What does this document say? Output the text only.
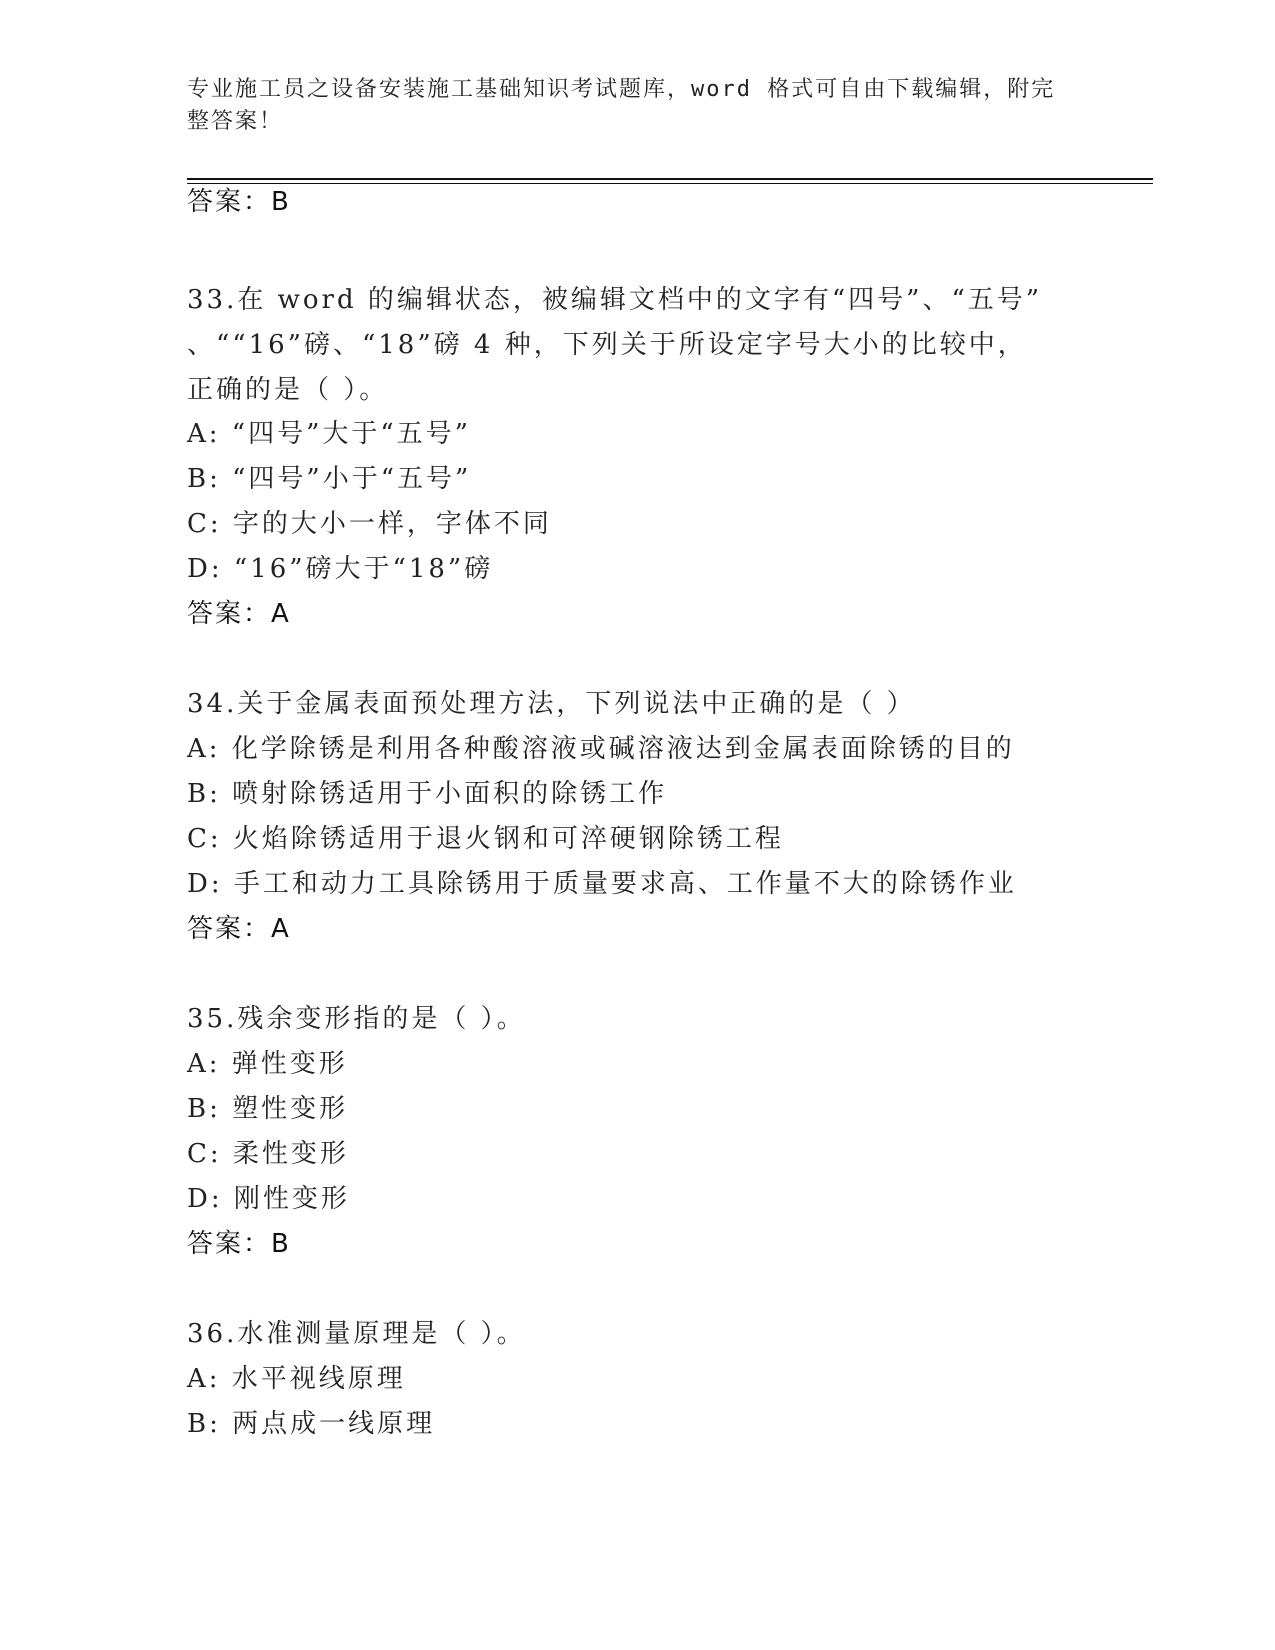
专业施工员之设备安装施工基础知识考试题库，word 格式可自由下载编辑，附完整答案！
答案：B
33.在 word 的编辑状态，被编辑文档中的文字有“四号”、“五号”
、““16”磅、“18”磅 4 种，下列关于所设定字号大小的比较中，
正确的是（ ）。
A: “四号”大于“五号”
B: “四号”小于“五号”
C: 字的大小一样，字体不同
D: “16”磅大于“18”磅
答案：A
34.关于金属表面预处理方法，下列说法中正确的是（ ）
A: 化学除锈是利用各种酸溶液或碱溶液达到金属表面除锈的目的
B: 喷射除锈适用于小面积的除锈工作
C: 火焰除锈适用于退火钢和可淬硬钢除锈工程
D: 手工和动力工具除锈用于质量要求高、工作量不大的除锈作业
答案：A
35.残余变形指的是（ ）。
A: 弹性变形
B: 塑性变形
C: 柔性变形
D: 刚性变形
答案：B
36.水准测量原理是（ ）。
A: 水平视线原理
B: 两点成一线原理
